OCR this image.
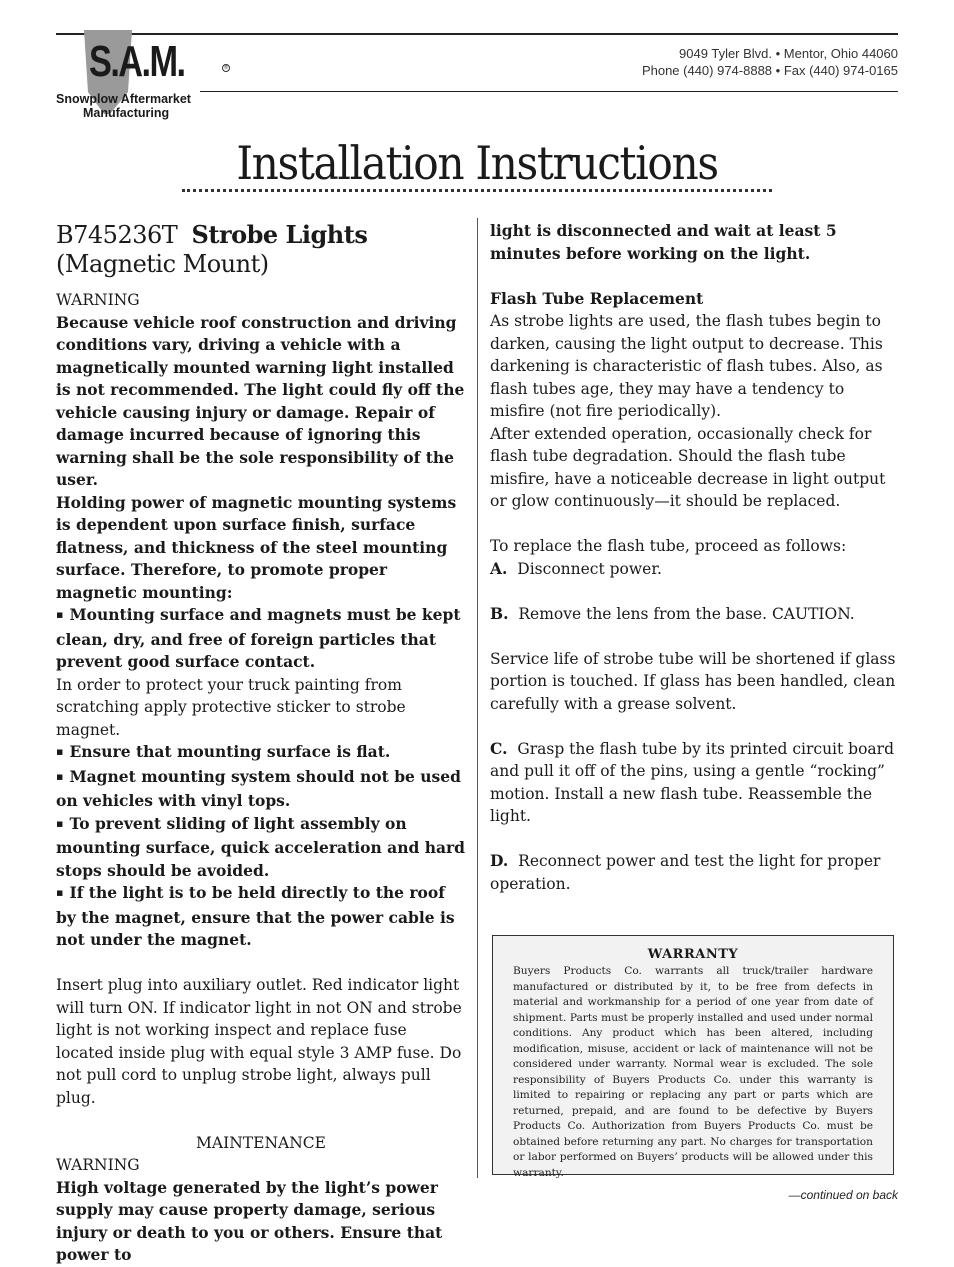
S.A.M.	®
Snowplow Aftermarket
Manufacturing
9049 Tyler Blvd. • Mentor, Ohio 44060
Phone (440) 974-8888 • Fax (440) 974-0165
Installation Instructions

B745236T Strobe Lights
(Magnetic Mount)

WARNING

Because vehicle roof construction and driving conditions vary, driving a vehicle with a magnetically mounted warning light installed is not recommended. The light could fly off the vehicle causing injury or damage. Repair of damage incurred because of ignoring this warning shall be the sole responsibility of the user.

Holding power of magnetic mounting systems is dependent upon surface finish, surface flatness, and thickness of the steel mounting surface. Therefore, to promote proper magnetic mounting:

▪ Mounting surface and magnets must be kept clean, dry, and free of foreign particles that prevent good surface contact.

In order to protect your truck painting from scratching apply protective sticker to strobe magnet.

▪ Ensure that mounting surface is flat.

▪ Magnet mounting system should not be used on vehicles with vinyl tops.

▪ To prevent sliding of light assembly on mounting surface, quick acceleration and hard stops should be avoided.

▪ If the light is to be held directly to the roof by the magnet, ensure that the power cable is not under the magnet.

Insert plug into auxiliary outlet. Red indicator light will turn ON. If indicator light in not ON and strobe light is not working inspect and replace fuse located inside plug with equal style 3 AMP fuse. Do not pull cord to unplug strobe light, always pull plug.

MAINTENANCE

WARNING

High voltage generated by the light’s power supply may cause property damage, serious injury or death to you or others. Ensure that power to

light is disconnected and wait at least 5 minutes before working on the light.

Flash Tube Replacement

As strobe lights are used, the flash tubes begin to darken, causing the light output to decrease. This darkening is characteristic of flash tubes. Also, as flash tubes age, they may have a tendency to misfire (not fire periodically).

After extended operation, occasionally check for flash tube degradation. Should the flash tube misfire, have a noticeable decrease in light output or glow continuously—it should be replaced.

To replace the flash tube, proceed as follows:

A. Disconnect power.

B. Remove the lens from the base. CAUTION.

Service life of strobe tube will be shortened if glass portion is touched. If glass has been handled, clean carefully with a grease solvent.

C. Grasp the flash tube by its printed circuit board and pull it off of the pins, using a gentle “rocking” motion. Install a new flash tube. Reassemble the light.

D. Reconnect power and test the light for proper operation.

WARRANTY
Buyers Products Co. warrants all truck/trailer hardware manufactured or distributed by it, to be free from defects in material and workmanship for a period of one year from date of shipment. Parts must be properly installed and used under normal conditions. Any product which has been altered, including modification, misuse, accident or lack of maintenance will not be considered under warranty. Normal wear is excluded. The sole responsibility of Buyers Products Co. under this warranty is limited to repairing or replacing any part or parts which are returned, prepaid, and are found to be defective by Buyers Products Co. Authorization from Buyers Products Co. must be obtained before returning any part. No charges for transportation or labor performed on Buyers’ products will be allowed under this warranty.
—continued on back
